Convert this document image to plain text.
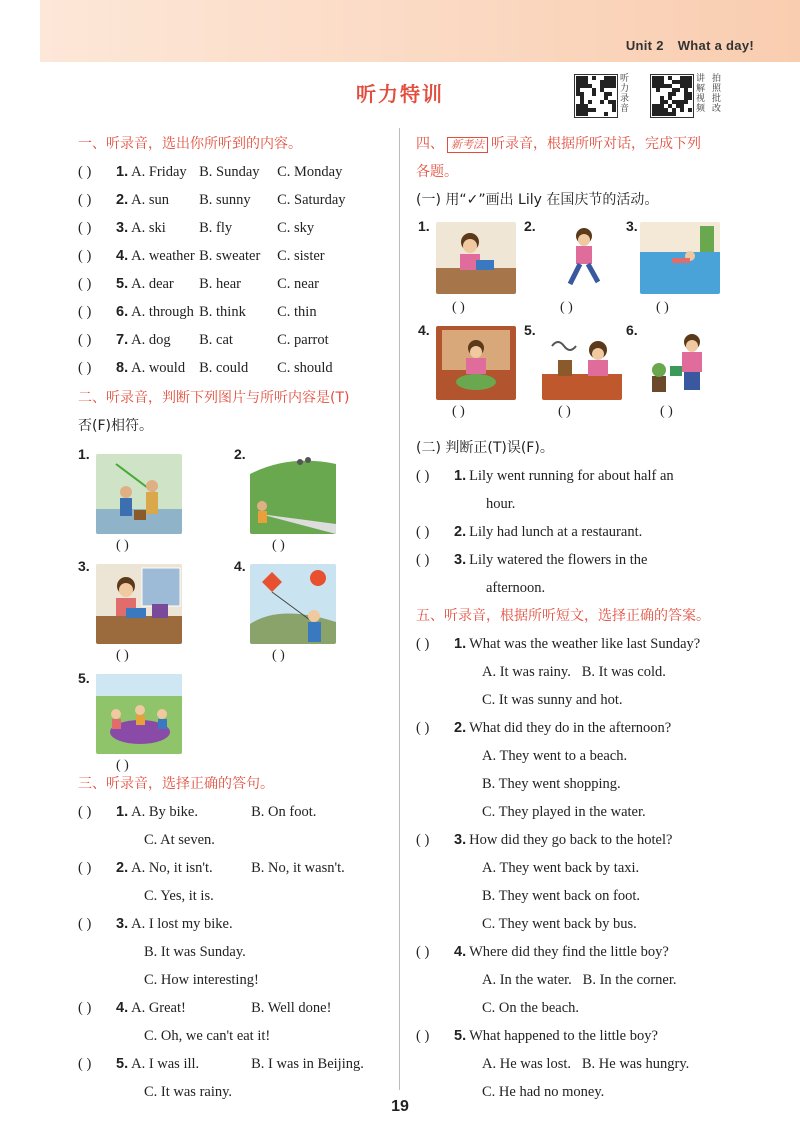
Unit 2 What a day!
听力特训
听力录音
讲解视频
拍照批改
一、听录音，选出你所听到的内容。
( ) 1. A. Friday B. Sunday C. Monday
( ) 2. A. sun B. sunny C. Saturday
( ) 3. A. ski B. fly	C. sky
( ) 4. A. weather B. sweater C. sister
( ) 5. A. dear B. hear C. near
( ) 6. A. through B. think C. thin
( ) 7. A. dog B. cat	C. parrot
( ) 8. A. would B. could C. should
二、听录音，判断下列图片与所听内容是(T)
否(F)相符。
1.
( )
2.
( )
3.
( )
4.
( )
5.
( )
三、听录音，选择正确的答句。
( ) 1. A. By bike.	B. On foot.
C. At seven.
( ) 2. A. No, it isn't.	B. No, it wasn't.
C. Yes, it is.
( ) 3. A. I lost my bike.
B. It was Sunday.
C. How interesting!
( ) 4. A. Great!	B. Well done!
C. Oh, we can't eat it!
( ) 5. A. I was ill.	B. I was in Beijing.
C. It was rainy.
四、 新考法 听录音，根据所听对话，完成下列
各题。
(一) 用“✓”画出 Lily 在国庆节的活动。
1.
( )
2.
( )
3.
( )
4.
( )
5.
( )
6.
( )
(二) 判断正(T)误(F)。
( ) 1. Lily went running for about half an
hour.
( ) 2. Lily had lunch at a restaurant.
( ) 3. Lily watered the flowers in the
afternoon.
五、听录音，根据所听短文，选择正确的答案。
( ) 1. What was the weather like last Sunday?
A. It was rainy.   B. It was cold.
C. It was sunny and hot.
( ) 2. What did they do in the afternoon?
A. They went to a beach.
B. They went shopping.
C. They played in the water.
( ) 3. How did they go back to the hotel?
A. They went back by taxi.
B. They went back on foot.
C. They went back by bus.
( ) 4. Where did they find the little boy?
A. In the water.   B. In the corner.
C. On the beach.
( ) 5. What happened to the little boy?
A. He was lost.   B. He was hungry.
C. He had no money.
19
